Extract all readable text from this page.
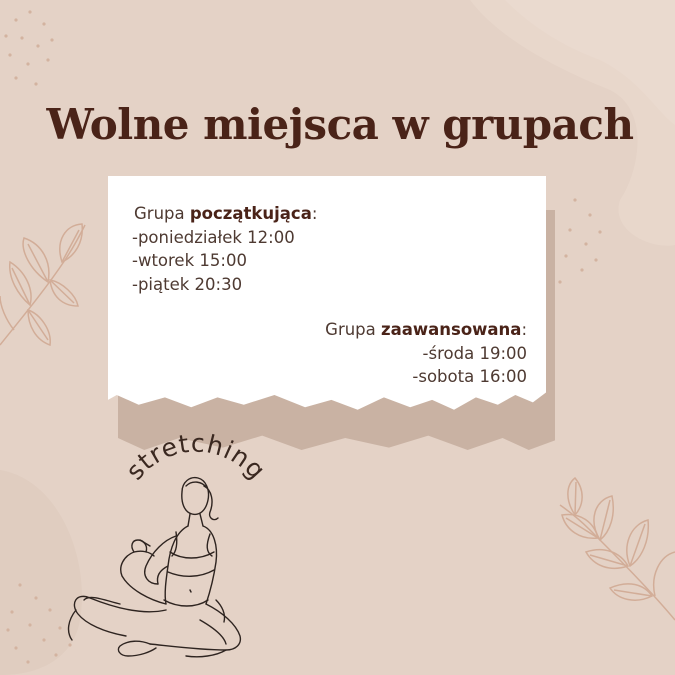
Wolne miejsca w grupach
Grupa początkująca:
-poniedziałek 12:00
-wtorek 15:00
-piątek 20:30
Grupa zaawansowana:
-środa 19:00
-sobota 16:00
stretching
